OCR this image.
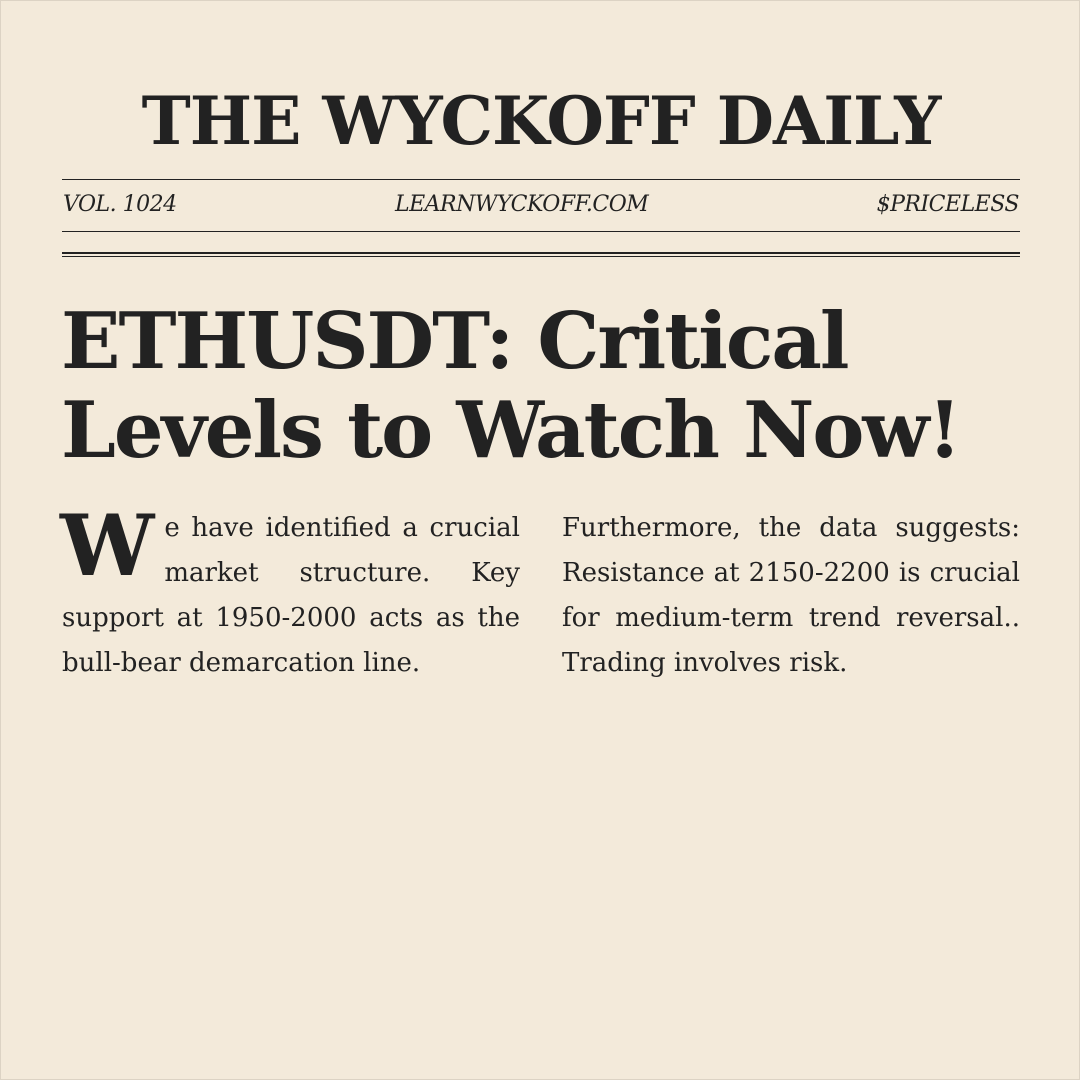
THE WYCKOFF DAILY
VOL. 1024	LEARNWYCKOFF.COM	$PRICELESS
ETHUSDT: Critical Levels to Watch Now!
W e have identified a crucial market structure. Key support at 1950-2000 acts as the bull-bear demarcation line.
Furthermore, the data suggests: Resistance at 2150-2200 is crucial for medium-term trend reversal.. Trading involves risk.
